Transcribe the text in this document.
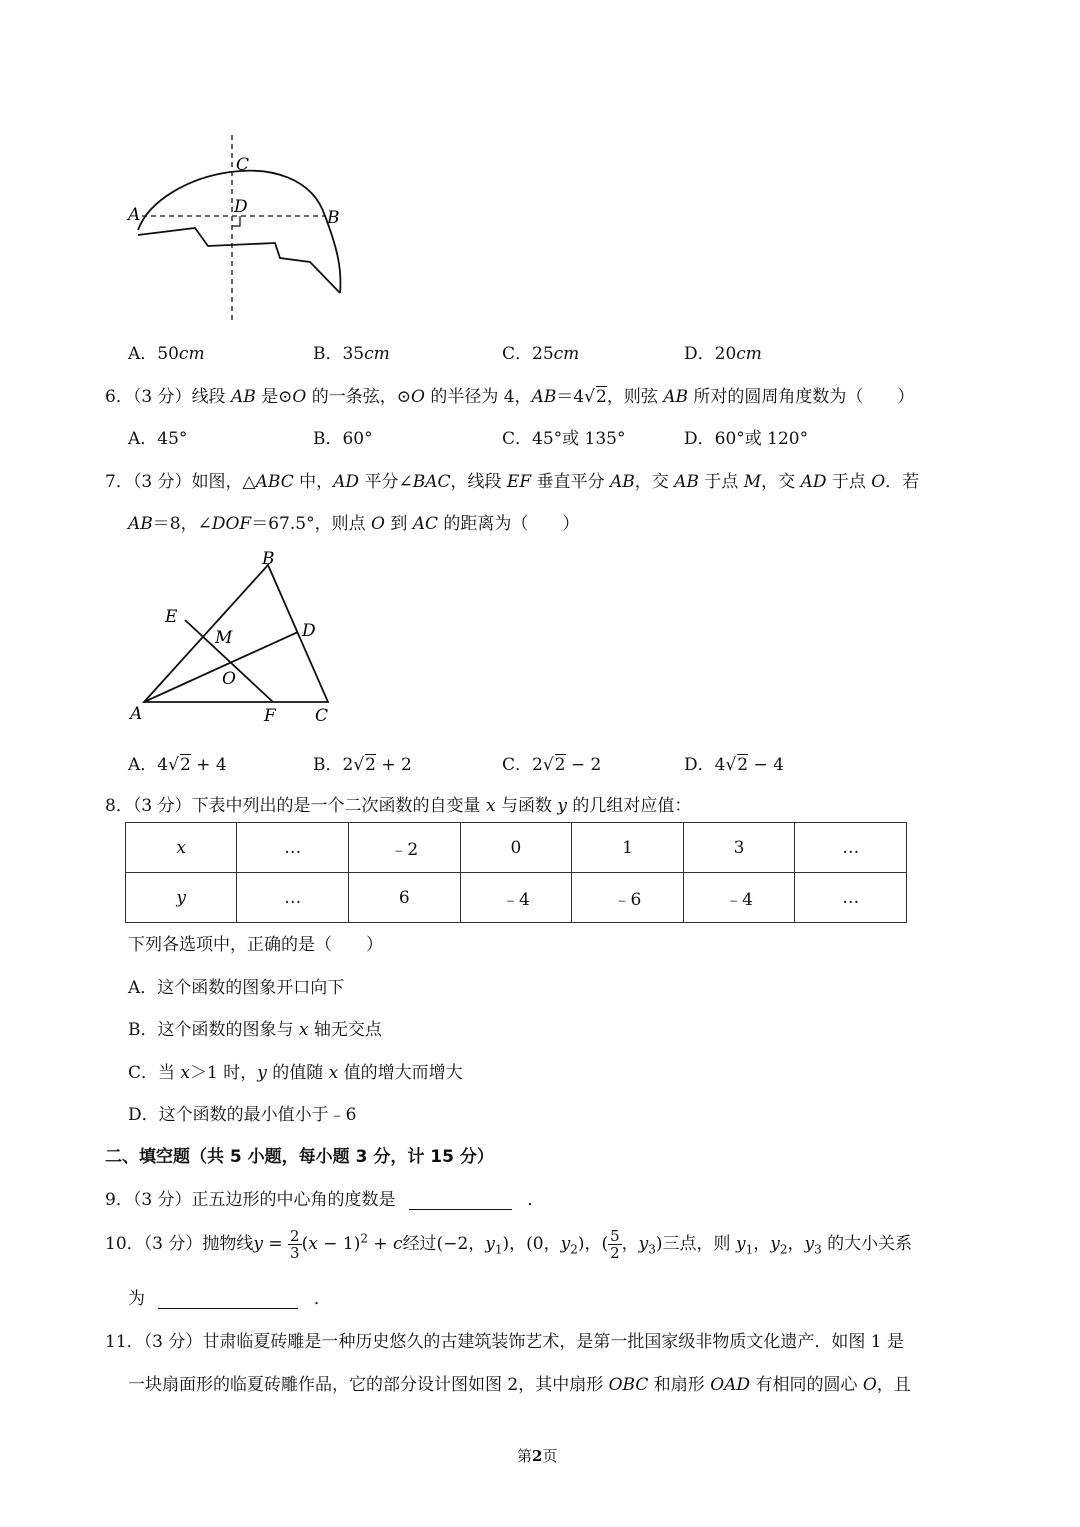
C
D
A	B
A．50cm	B．35cm	C．25cm	D．20cm
6．（3 分）线段 AB 是⊙O 的一条弦，⊙O 的半径为 4，AB＝4√2，则弦 AB 所对的圆周角度数为（　　）
A．45°	B．60°	C．45°或 135°	D．60°或 120°
7．（3 分）如图，△ABC 中，AD 平分∠BAC，线段 EF 垂直平分 AB，交 AB 于点 M，交 AD 于点 O．若
AB＝8，∠DOF＝67.5°，则点 O 到 AC 的距离为（　　）
B
E
M	D
O
A	F C
A．4√2 + 4	B．2√2 + 2	C．2√2 − 2	D．4√2 − 4
8．（3 分）下表中列出的是一个二次函数的自变量 x 与函数 y 的几组对应值：
x	…	﹣2	0	1	3	…
y	…	6	﹣4	﹣6	﹣4	…
下列各选项中，正确的是（　　）
A．这个函数的图象开口向下
B．这个函数的图象与 x 轴无交点
C．当 x＞1 时，y 的值随 x 值的增大而增大
D．这个函数的最小值小于﹣6
二、填空题（共 5 小题，每小题 3 分，计 15 分）
9．（3 分）正五边形的中心角的度数是	．
10．（3 分）抛物线$y = \frac{2}{3} (x - 1)^2 + c$经过(−2，$y_1$)，(0，$y_2$)，( $\frac{5}{2}$ ，$y_3$)三点，则 $y_1$，$y_2$，$y_3$ 的大小关系
为	．
11．（3 分）甘肃临夏砖雕是一种历史悠久的古建筑装饰艺术，是第一批国家级非物质文化遗产．如图 1 是
一块扇面形的临夏砖雕作品，它的部分设计图如图 2，其中扇形 OBC 和扇形 OAD 有相同的圆心 O，且
第2页
